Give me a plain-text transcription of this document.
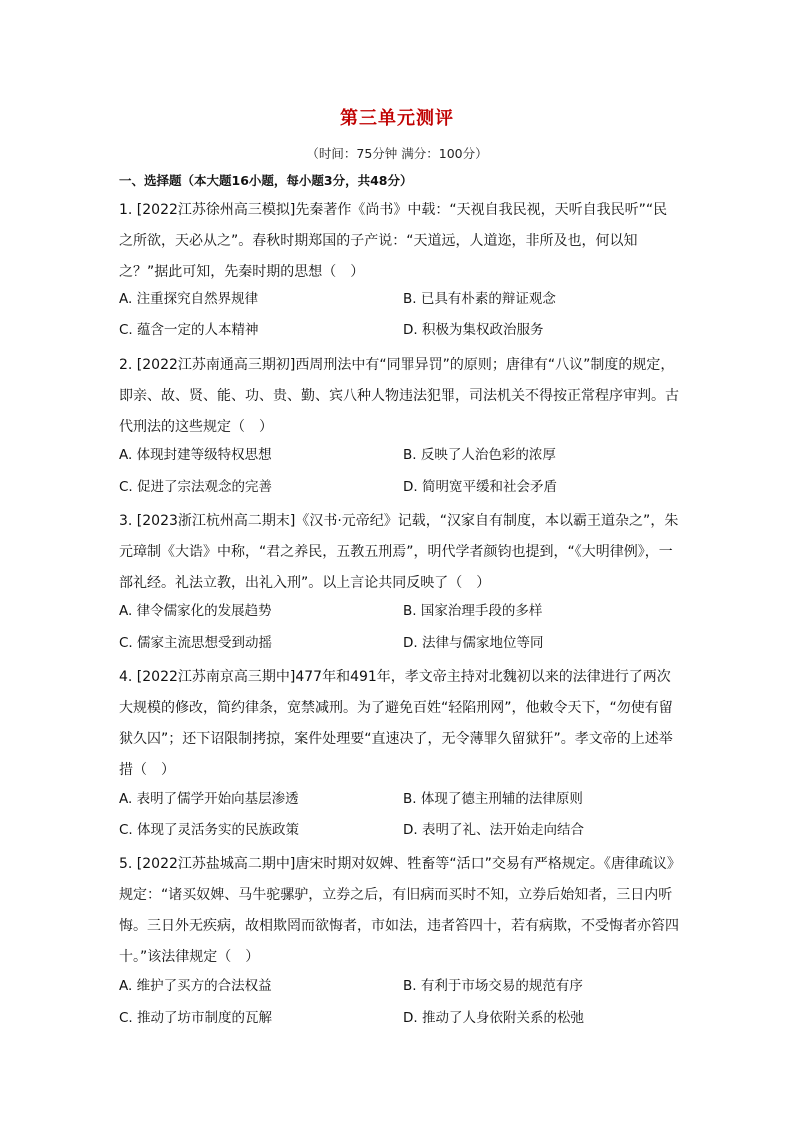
第三单元测评
（时间：75分钟 满分：100分）
一、选择题（本大题16小题，每小题3分，共48分）

1. [2022江苏徐州高三模拟]先秦著作《尚书》中载：“天视自我民视，天听自我民听”“民之所欲，天必从之”。春秋时期郑国的子产说：“天道远，人道迩，非所及也，何以知之？”据此可知，先秦时期的思想（　）

A. 注重探究自然界规律	B. 已具有朴素的辩证观念
C. 蕴含一定的人本精神	D. 积极为集权政治服务

2. [2022江苏南通高三期初]西周刑法中有“同罪异罚”的原则；唐律有“八议”制度的规定，即亲、故、贤、能、功、贵、勤、宾八种人物违法犯罪，司法机关不得按正常程序审判。古代刑法的这些规定（　）

A. 体现封建等级特权思想	B. 反映了人治色彩的浓厚
C. 促进了宗法观念的完善	D. 简明宽平缓和社会矛盾

3. [2023浙江杭州高二期末]《汉书·元帝纪》记载，“汉家自有制度，本以霸王道杂之”，朱元璋制《大诰》中称，“君之养民，五教五刑焉”，明代学者颜钧也提到，“《大明律例》，一部礼经。礼法立教，出礼入刑”。以上言论共同反映了（　）

A. 律令儒家化的发展趋势	B. 国家治理手段的多样
C. 儒家主流思想受到动摇	D. 法律与儒家地位等同

4. [2022江苏南京高三期中]477年和491年，孝文帝主持对北魏初以来的法律进行了两次大规模的修改，简约律条，宽禁减刑。为了避免百姓“轻陷刑网”，他敕令天下，“勿使有留狱久囚”；还下诏限制拷掠，案件处理要“直速决了，无令薄罪久留狱犴”。孝文帝的上述举措（　）

A. 表明了儒学开始向基层渗透	B. 体现了德主刑辅的法律原则
C. 体现了灵活务实的民族政策	D. 表明了礼、法开始走向结合

5. [2022江苏盐城高二期中]唐宋时期对奴婢、牲畜等“活口”交易有严格规定。《唐律疏议》规定：“诸买奴婢、马牛驼骡驴，立券之后，有旧病而买时不知，立券后始知者，三日内听悔。三日外无疾病，故相欺罔而欲悔者，市如法，违者笞四十，若有病欺，不受悔者亦笞四十。”该法律规定（　）

A. 维护了买方的合法权益	B. 有利于市场交易的规范有序
C. 推动了坊市制度的瓦解	D. 推动了人身依附关系的松弛
